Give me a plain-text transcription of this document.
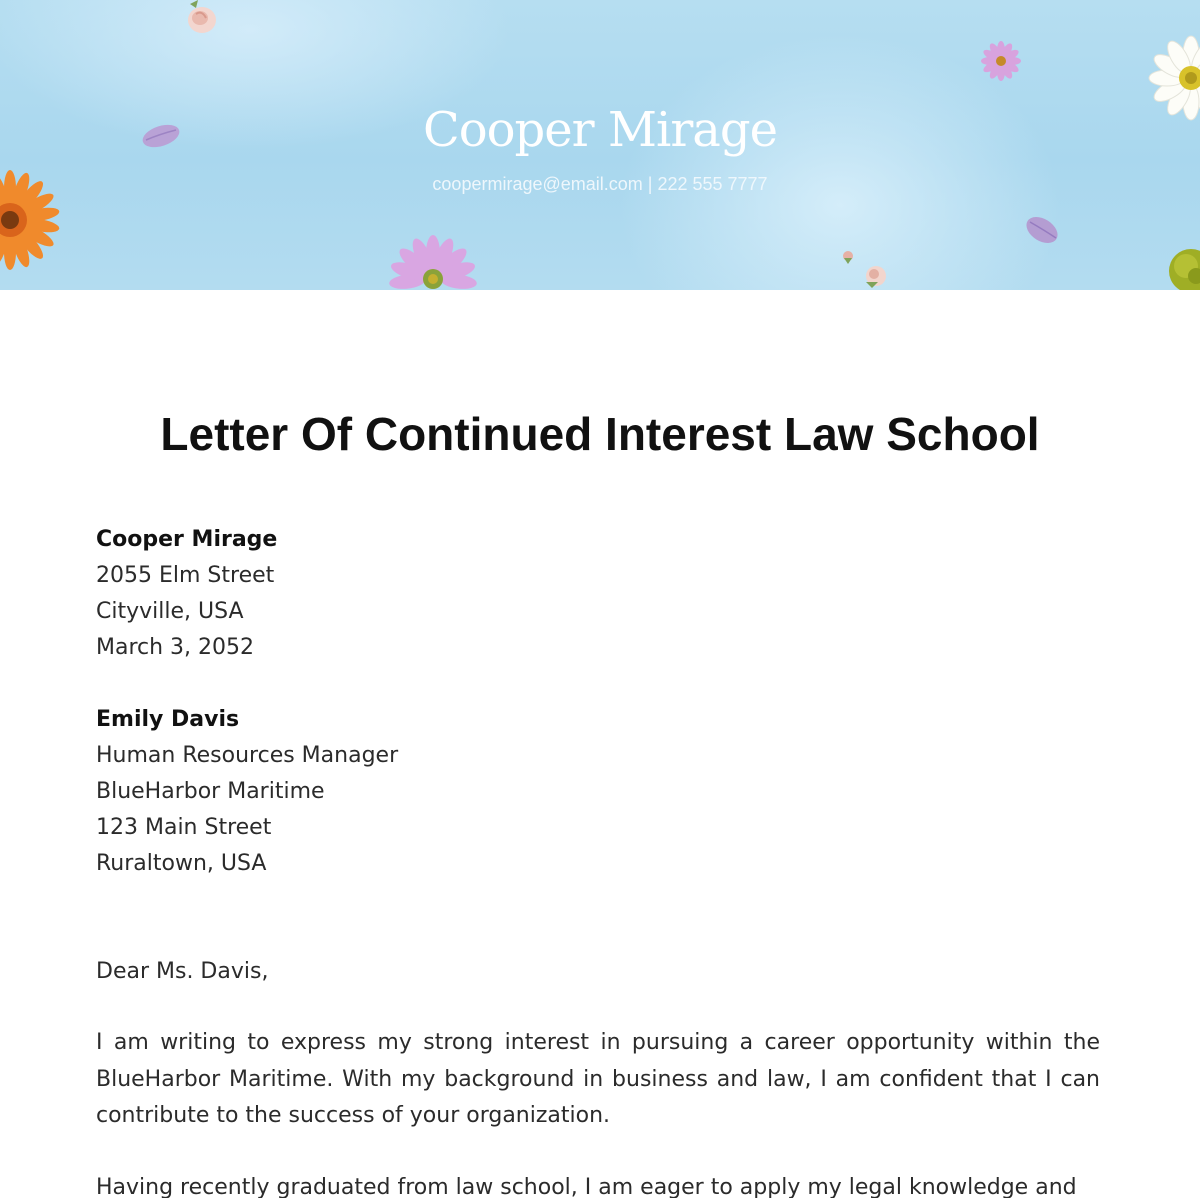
Cooper Mirage
coopermirage@email.com | 222 555 7777
Letter Of Continued Interest Law School
Cooper Mirage
2055 Elm Street
Cityville, USA
March 3, 2052
Emily Davis
Human Resources Manager
BlueHarbor Maritime
123 Main Street
Ruraltown, USA
Dear Ms. Davis,

I am writing to express my strong interest in pursuing a career opportunity within the BlueHarbor Maritime. With my background in business and law, I am confident that I can contribute to the success of your organization.

Having recently graduated from law school, I am eager to apply my legal knowledge and
